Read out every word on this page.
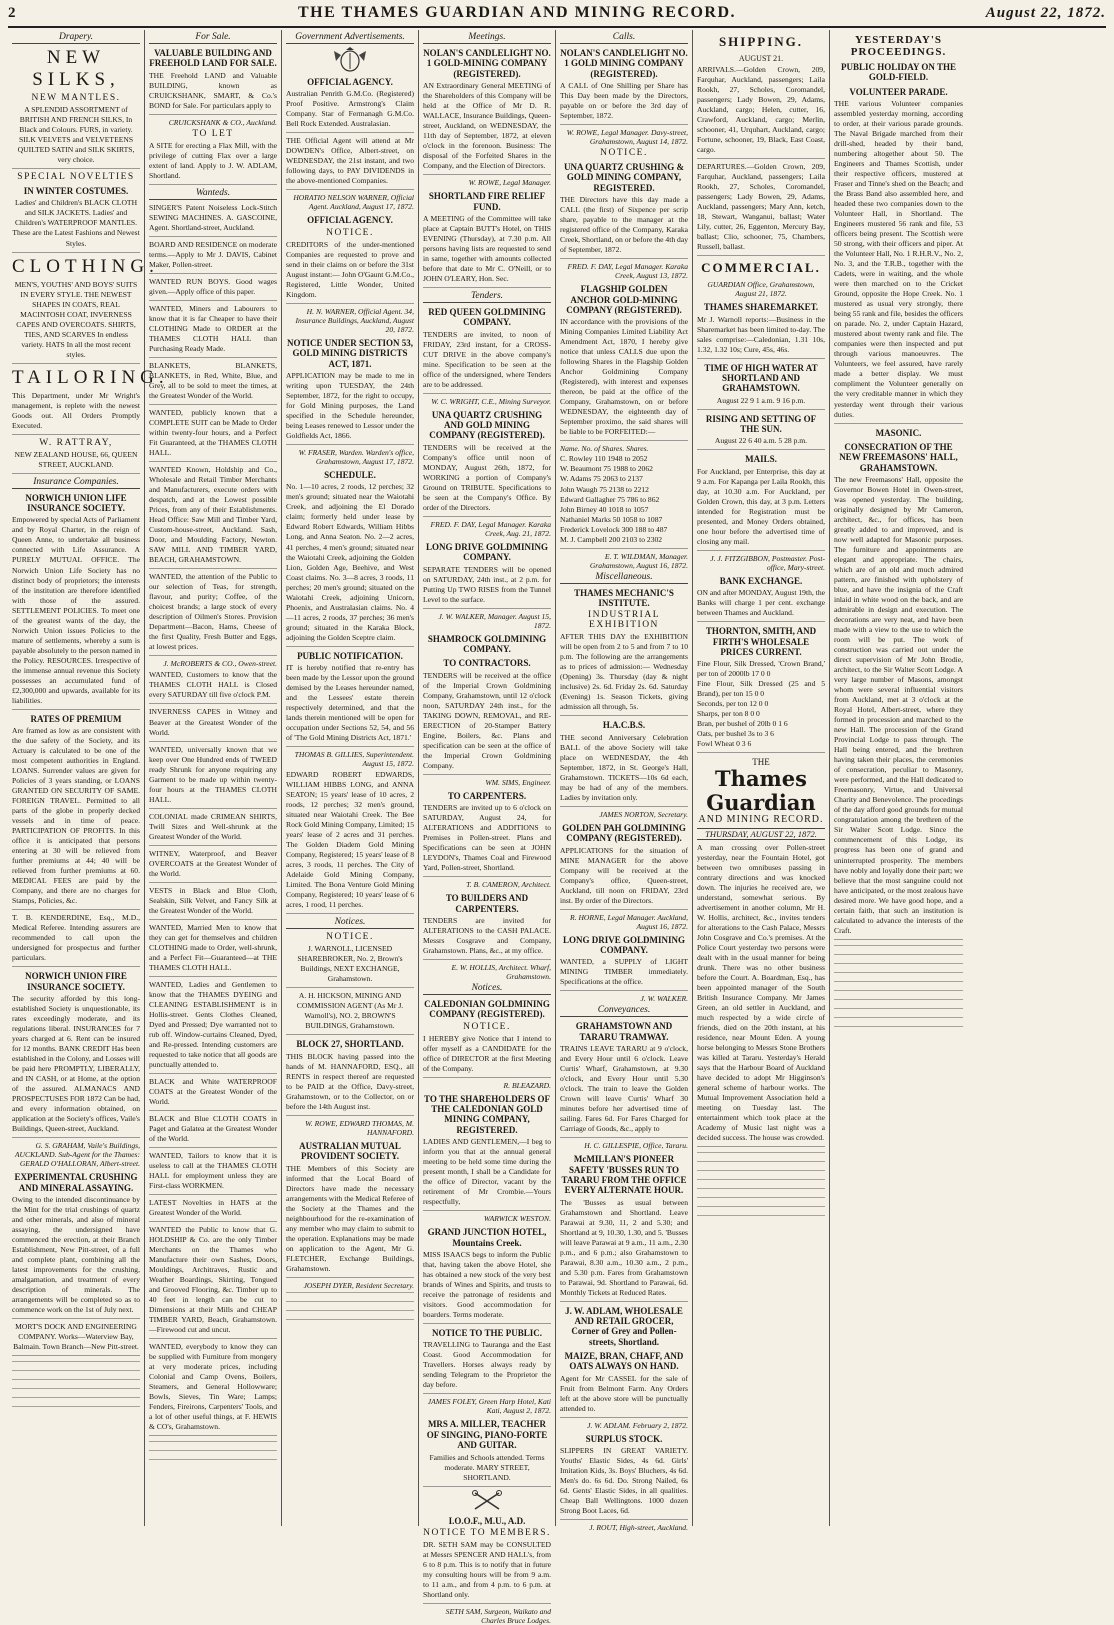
2	THE THAMES GUARDIAN AND MINING RECORD.	August 22, 1872.
Drapery.
NEW SILKS,
NEW MANTLES.
A SPLENDID ASSORTMENT of BRITISH AND FRENCH SILKS, In Black and Colours. FURS, in variety. SILK VELVETS and VELVETEENS QUILTED SATIN and SILK SKIRTS, very choice.
SPECIAL NOVELTIES
IN WINTER COSTUMES.
Ladies' and Children's BLACK CLOTH and SILK JACKETS. Ladies' and Children's WATERPROOF MANTLES. These are the Latest Fashions and Newest Styles.
CLOTHING.
MEN'S, YOUTHS' AND BOYS' SUITS IN EVERY STYLE. THE NEWEST SHAPES IN COATS, REAL MACINTOSH COAT, INVERNESS CAPES AND OVERCOATS. SHIRTS, TIES, AND SCARVES In endless variety. HATS In all the most recent styles.
TAILORING.
This Department, under Mr Wright's management, is replete with the newest Goods out. All Orders Promptly Executed.
W. RATTRAY,
NEW ZEALAND HOUSE, 66, QUEEN STREET, AUCKLAND.
Insurance Companies.
NORWICH UNION LIFE INSURANCE SOCIETY.
Empowered by special Acts of Parliament and by Royal Charter, in the reign of Queen Anne, to undertake all business connected with Life Assurance. A PURELY MUTUAL OFFICE. The Norwich Union Life Society has no distinct body of proprietors; the interests of the institution are therefore identified with those of the assured. SETTLEMENT POLICIES. To meet one of the greatest wants of the day, the Norwich Union issues Policies to the mature of settlements, whereby a sum is payable absolutely to the person named in the Policy. RESOURCES. Irrespective of the immense annual revenue this Society possesses an accumulated fund of £2,300,000 and upwards, available for its liabilities.
RATES OF PREMIUM
Are framed as low as are consistent with the due safety of the Society, and its Actuary is calculated to be one of the most competent authorities in England. LOANS. Surrender values are given for Policies of 3 years standing, or LOANS GRANTED ON SECURITY OF SAME. FOREIGN TRAVEL. Permitted to all parts of the globe in properly decked vessels and in time of peace. PARTICIPATION OF PROFITS. In this office it is anticipated that persons entering at 30 will be relieved from further premiums at 44; 40 will be relieved from further premiums at 60. MEDICAL FEES are paid by the Company, and there are no charges for Stamps, Policies, &c.
T. B. KENDERDINE, Esq., M.D., Medical Referee. Intending assurers are recommended to call upon the undersigned for prospectus and further particulars.
NORWICH UNION FIRE INSURANCE SOCIETY.
The security afforded by this long-established Society is unquestionable, its rates exceedingly moderate, and its regulations liberal. INSURANCES for 7 years charged at 6. Rent can be insured for 12 months. BANK CREDIT Has been established in the Colony, and Losses will be paid here PROMPTLY, LIBERALLY, and IN CASH, or at Home, at the option of the assured. ALMANACS AND PROSPECTUSES FOR 1872 Can be had, and every information obtained, on application at the Society's offices, Vaile's Buildings, Queen-street, Auckland.
G. S. GRAHAM, Vaile's Buildings, AUCKLAND. Sub-Agent for the Thames: GERALD O'HALLORAN, Albert-street.
EXPERIMENTAL CRUSHING AND MINERAL ASSAYING.
Owing to the intended discontinuance by the Mint for the trial crushings of quartz and other minerals, and also of mineral assaying, the undersigned have commenced the erection, at their Branch Establishment, New Pitt-street, of a full and complete plant, combining all the latest improvements for the crushing, amalgamation, and treatment of every description of minerals. The arrangements will be completed so as to commence work on the 1st of July next.
MORT'S DOCK AND ENGINEERING COMPANY. Works—Waterview Bay, Balmain. Town Branch—New Pitt-street.
For Sale.
VALUABLE BUILDING AND FREEHOLD LAND FOR SALE.
THE Freehold LAND and Valuable BUILDING, known as CRUICKSHANK, SMART, & Co.'s BOND for Sale. For particulars apply to
CRUICKSHANK & CO., Auckland.
TO LET
A SITE for erecting a Flax Mill, with the privilege of cutting Flax over a large extent of land. Apply to J. W. ADLAM, Shortland.
Wanteds.
SINGER'S Patent Noiseless Lock-Stitch SEWING MACHINES. A. GASCOINE, Agent. Shortland-street, Auckland.
BOARD AND RESIDENCE on moderate terms.—Apply to Mr J. DAVIS, Cabinet Maker, Pollen-street.
WANTED RUN BOYS. Good wages given.—Apply office of this paper.
WANTED, Miners and Labourers to know that it is far Cheaper to have their CLOTHING Made to ORDER at the THAMES CLOTH HALL than Purchasing Ready Made.
BLANKETS, BLANKETS, BLANKETS, in Red, White, Blue, and Grey, all to be sold to meet the times, at the Greatest Wonder of the World.
WANTED, publicly known that a COMPLETE SUIT can be Made to Order within twenty-four hours, and a Perfect Fit Guaranteed, at the THAMES CLOTH HALL.
WANTED Known, Holdship and Co., Wholesale and Retail Timber Merchants and Manufacturers, execute orders with despatch, and at the Lowest possible Prices, from any of their Establishments. Head Office: Saw Mill and Timber Yard, Custom-house-street, Auckland. Sash, Door, and Moulding Factory, Newton. SAW MILL AND TIMBER YARD, BEACH, GRAHAMSTOWN.
WANTED, the attention of the Public to our selection of Teas, for strength, flavour, and purity; Coffee, of the choicest brands; a large stock of every description of Oilmen's Stores. Provision Department—Bacon, Hams, Cheese of the first Quality, Fresh Butter and Eggs, at lowest prices.
J. McROBERTS & CO., Owen-street.
WANTED, Customers to know that the THAMES CLOTH HALL is Closed every SATURDAY till five o'clock P.M.
INVERNESS CAPES in Witney and Beaver at the Greatest Wonder of the World.
WANTED, universally known that we keep over One Hundred ends of TWEED ready Shrunk for anyone requiring any Garment to be made up within twenty-four hours at the THAMES CLOTH HALL.
COLONIAL made CRIMEAN SHIRTS, Twill Sizes and Well-shrunk at the Greatest Wonder of the World.
WITNEY, Waterproof, and Beaver OVERCOATS at the Greatest Wonder of the World.
VESTS in Black and Blue Cloth, Sealskin, Silk Velvet, and Fancy Silk at the Greatest Wonder of the World.
WANTED, Married Men to know that they can get for themselves and children CLOTHING made to Order, well-shrunk, and a Perfect Fit—Guaranteed—at THE THAMES CLOTH HALL.
WANTED, Ladies and Gentlemen to know that the THAMES DYEING and CLEANING ESTABLISHMENT is in Hollis-street. Gents Clothes Cleaned, Dyed and Pressed; Dye warranted not to rub off. Window-curtains Cleaned, Dyed, and Re-pressed. Intending customers are requested to take notice that all goods are punctually attended to.
BLACK and White WATERPROOF COATS at the Greatest Wonder of the World.
BLACK and Blue CLOTH COATS in Paget and Galatea at the Greatest Wonder of the World.
WANTED, Tailors to know that it is useless to call at the THAMES CLOTH HALL for employment unless they are First-class WORKMEN.
LATEST Novelties in HATS at the Greatest Wonder of the World.
WANTED the Public to know that G. HOLDSHIP & Co. are the only Timber Merchants on the Thames who Manufacture their own Sashes, Doors, Mouldings, Architraves, Rustic and Weather Boardings, Skirting, Tongued and Grooved Flooring, &c. Timber up to 40 feet in length can be cut to Dimensions at their Mills and CHEAP TIMBER YARD, Beach, Grahamstown.—Firewood cut and uncut.
WANTED, everybody to know they can be supplied with Furniture from mongery at very moderate prices, including Colonial and Camp Ovens, Boilers, Steamers, and General Hollowware; Bowls, Sieves, Tin Ware; Lamps; Fenders, Fireirons, Carpenters' Tools, and a lot of other useful things, at F. HEWIS & CO's, Grahamstown.
Government Advertisements.
OFFICIAL AGENCY.
Australian Penrith G.M.Co. (Registered) Proof Positive. Armstrong's Claim Company. Star of Fermanagh G.M.Co. Bell Rock Extended. Australasian.
THE Official Agent will attend at Mr DOWDEN's Office, Albert-street, on WEDNESDAY, the 21st instant, and two following days, to PAY DIVIDENDS in the above-mentioned Companies.
HORATIO NELSON WARNER, Official Agent. Auckland, August 17, 1872.
OFFICIAL AGENCY.
NOTICE.
CREDITORS of the under-mentioned Companies are requested to prove and send in their claims on or before the 31st August instant:— John O'Gaunt G.M.Co., Registered, Little Wonder, United Kingdom.
H. N. WARNER, Official Agent. 34, Insurance Buildings, Auckland, August 20, 1872.
NOTICE UNDER SECTION 53, GOLD MINING DISTRICTS ACT, 1871.
APPLICATION may be made to me in writing upon TUESDAY, the 24th September, 1872, for the right to occupy, for Gold Mining purposes, the Land specified in the Schedule hereunder, being Leases renewed to Lessor under the Goldfields Act, 1866.
W. FRASER, Warden. Warden's office, Grahamstown, August 17, 1872.
SCHEDULE.
No. 1—10 acres, 2 roods, 12 perches; 32 men's ground; situated near the Waiotahi Creek, and adjoining the El Dorado claim; formerly held under lease by Edward Robert Edwards, William Hibbs Long, and Anna Seaton. No. 2—2 acres, 41 perches, 4 men's ground; situated near the Waiotahi Creek, adjoining the Golden Lion, Golden Age, Beehive, and West Coast claims. No. 3—8 acres, 3 roods, 11 perches; 20 men's ground; situated on the Waiotahi Creek, adjoining Unicorn, Phoenix, and Australasian claims. No. 4—11 acres, 2 roods, 37 perches; 36 men's ground; situated in the Karaka Block, adjoining the Golden Sceptre claim.
PUBLIC NOTIFICATION.
IT is hereby notified that re-entry has been made by the Lessor upon the ground demised by the Leases hereunder named, and the Lessees' estate therein respectively determined, and that the lands therein mentioned will be open for occupation under Sections 52, 54, and 56 of 'The Gold Mining Districts Act, 1871.'
THOMAS B. GILLIES, Superintendent. August 15, 1872.
EDWARD ROBERT EDWARDS, WILLIAM HIBBS LONG, and ANNA SEATON; 15 years' lease of 10 acres, 2 roods, 12 perches; 32 men's ground, situated near Waiotahi Creek. The Bee Rock Gold Mining Company, Limited; 15 years' lease of 2 acres and 31 perches. The Golden Diadem Gold Mining Company, Registered; 15 years' lease of 8 acres, 3 roods, 11 perches. The City of Adelaide Gold Mining Company, Limited. The Bona Venture Gold Mining Company, Registered; 10 years' lease of 6 acres, 1 rood, 11 perches.
Notices.
NOTICE.
J. WARNOLL, LICENSED SHAREBROKER, No. 2, Brown's Buildings, NEXT EXCHANGE, Grahamstown.
A. H. HICKSON, MINING AND COMMISSION AGENT (As Mr J. Warnoll's), NO. 2, BROWN'S BUILDINGS, Grahamstown.
BLOCK 27, SHORTLAND.
THIS BLOCK having passed into the hands of M. HANNAFORD, ESQ., all RENTS in respect thereof are requested to be PAID at the Office, Davy-street, Grahamstown, or to the Collector, on or before the 14th August inst.
W. ROWE, EDWARD THOMAS, M. HANNAFORD.
AUSTRALIAN MUTUAL PROVIDENT SOCIETY.
THE Members of this Society are informed that the Local Board of Directors have made the necessary arrangements with the Medical Referee of the Society at the Thames and the neighbourhood for the re-examination of any member who may claim to submit to the operation. Explanations may be made on application to the Agent, Mr G. FLETCHER, Exchange Buildings, Grahamstown.
JOSEPH DYER, Resident Secretary.
Meetings.
NOLAN'S CANDLELIGHT NO. 1 GOLD-MINING COMPANY (REGISTERED).
AN Extraordinary General MEETING of the Shareholders of this Company will be held at the Office of Mr D. R. WALLACE, Insurance Buildings, Queen-street, Auckland, on WEDNESDAY, the 11th day of September, 1872, at eleven o'clock in the forenoon. Business: The disposal of the Forfeited Shares in the Company, and the Election of Directors.
W. ROWE, Legal Manager.
SHORTLAND FIRE RELIEF FUND.
A MEETING of the Committee will take place at Captain BUTT's Hotel, on THIS EVENING (Thursday), at 7.30 p.m. All persons having lists are requested to send in same, together with amounts collected before that date to Mr C. O'Neill, or to JOHN O'LEARY, Hon. Sec.
Tenders.
RED QUEEN GOLDMINING COMPANY.
TENDERS are invited, to noon of FRIDAY, 23rd instant, for a CROSS-CUT DRIVE in the above company's mine. Specification to be seen at the office of the undersigned, where Tenders are to be addressed.
W. C. WRIGHT, C.E., Mining Surveyor.
UNA QUARTZ CRUSHING AND GOLD MINING COMPANY (REGISTERED).
TENDERS will be received at the Company's office until noon of MONDAY, August 26th, 1872, for WORKING a portion of Company's Ground on TRIBUTE. Specifications to be seen at the Company's Office. By order of the Directors.
FRED. F. DAY, Legal Manager. Karaka Creek, Aug. 21, 1872.
LONG DRIVE GOLDMINING COMPANY.
SEPARATE TENDERS will be opened on SATURDAY, 24th inst., at 2 p.m. for Putting Up TWO RISES from the Tunnel Level to the surface.
J. W. WALKER, Manager. August 15, 1872.
SHAMROCK GOLDMINING COMPANY.
TO CONTRACTORS.
TENDERS will be received at the office of the Imperial Crown Goldmining Company, Grahamstown, until 12 o'clock noon, SATURDAY 24th inst., for the TAKING DOWN, REMOVAL, and RE-ERECTION of 20-Stamper Battery Engine, Boilers, &c. Plans and specification can be seen at the office of the Imperial Crown Goldmining Company.
WM. SIMS, Engineer.
TO CARPENTERS.
TENDERS are invited up to 6 o'clock on SATURDAY, August 24, for ALTERATIONS and ADDITIONS to Premises in Pollen-street. Plans and Specifications can be seen at JOHN LEYDON's, Thames Coal and Firewood Yard, Pollen-street, Shortland.
T. B. CAMERON, Architect.
TO BUILDERS AND CARPENTERS.
TENDERS are invited for ALTERATIONS to the CASH PALACE. Messrs Cosgrave and Company, Grahamstown. Plans, &c., at my office.
E. W. HOLLIS, Architect. Wharf, Grahamstown.
Notices.
CALEDONIAN GOLDMINING COMPANY (REGISTERED).
NOTICE.
I HEREBY give Notice that I intend to offer myself as a CANDIDATE for the office of DIRECTOR at the first Meeting of the Company.
R. BLEAZARD.
TO THE SHAREHOLDERS OF THE CALEDONIAN GOLD MINING COMPANY, REGISTERED.
LADIES AND GENTLEMEN,—I beg to inform you that at the annual general meeting to be held some time during the present month, I shall be a Candidate for the office of Director, vacant by the retirement of Mr Crombie.—Yours respectfully,
WARWICK WESTON.
GRAND JUNCTION HOTEL, Mountains Creek.
MISS ISAACS begs to inform the Public that, having taken the above Hotel, she has obtained a new stock of the very best brands of Wines and Spirits, and trusts to receive the patronage of residents and visitors. Good accommodation for boarders. Terms moderate.
NOTICE TO THE PUBLIC.
TRAVELLING to Tauranga and the East Coast. Good Accommodation for Travellers. Horses always ready by sending Telegram to the Proprietor the day before.
JAMES FOLEY, Green Harp Hotel, Kati Kati, August 2, 1872.
MRS A. MILLER, TEACHER OF SINGING, PIANO-FORTE AND GUITAR.
Families and Schools attended. Terms moderate. MARY STREET, SHORTLAND.
I.O.O.F., M.U., A.D.
NOTICE TO MEMBERS.
DR. SETH SAM may be CONSULTED at Messrs SPENCER AND HALL's, from 6 to 8 p.m. This is to notify that in future my consulting hours will be from 9 a.m. to 11 a.m., and from 4 p.m. to 6 p.m. at Shortland only.
SETH SAM, Surgeon, Waikato and Charles Bruce Lodges.
Calls.
NOLAN'S CANDLELIGHT NO. 1 GOLD MINING COMPANY (REGISTERED).
A CALL of One Shilling per Share has This Day been made by the Directors, payable on or before the 3rd day of September, 1872.
W. ROWE, Legal Manager. Davy-street, Grahamstown, August 14, 1872.
NOTICE.
UNA QUARTZ CRUSHING & GOLD MINING COMPANY, REGISTERED.
THE Directors have this day made a CALL (the first) of Sixpence per scrip share, payable to the manager at the registered office of the Company, Karaka Creek, Shortland, on or before the 4th day of September, 1872.
FRED. F. DAY, Legal Manager. Karaka Creek, August 13, 1872.
FLAGSHIP GOLDEN ANCHOR GOLD-MINING COMPANY (REGISTERED).
IN accordance with the provisions of the Mining Companies Limited Liability Act Amendment Act, 1870, I hereby give notice that unless CALLS due upon the following Shares in the Flagship Golden Anchor Goldmining Company (Registered), with interest and expenses thereon, be paid at the office of the Company, Grahamstown, on or before WEDNESDAY, the eighteenth day of September proximo, the said shares will be liable to be FORFEITED:—
Name. No. of Shares. Shares.
C. Rowley 110 1948 to 2052
W. Beaumont 75 1988 to 2062
W. Adams 75 2063 to 2137
John Waugh 75 2138 to 2212
Edward Gallagher 75 786 to 862
John Birney 40 1018 to 1057
Nathaniel Marks 50 1058 to 1087
Frederick Lovelock 300 188 to 487
M. J. Campbell 200 2103 to 2302
E. T. WILDMAN, Manager. Grahamstown, August 16, 1872.
Miscellaneous.
THAMES MECHANIC'S INSTITUTE.
INDUSTRIAL EXHIBITION
AFTER THIS DAY the EXHIBITION will be open from 2 to 5 and from 7 to 10 p.m. The following are the arrangements as to prices of admission:— Wednesday (Opening) 3s. Thursday (day & night inclusive) 2s. 6d. Friday 2s. 6d. Saturday (Evening) 1s. Season Tickets, giving admission all through, 5s.
H.A.C.B.S.
THE second Anniversary Celebration BALL of the above Society will take place on WEDNESDAY, the 4th September, 1872, in St. George's Hall, Grahamstown. TICKETS—10s 6d each, may be had of any of the members. Ladies by invitation only.
JAMES NORTON, Secretary.
GOLDEN PAH GOLDMINING COMPANY (REGISTERED).
APPLICATIONS for the situation of MINE MANAGER for the above Company will be received at the Company's office, Queen-street, Auckland, till noon on FRIDAY, 23rd inst. By order of the Directors.
R. HORNE, Legal Manager. Auckland, August 16, 1872.
LONG DRIVE GOLDMINING COMPANY.
WANTED, a SUPPLY of LIGHT MINING TIMBER immediately. Specifications at the office.
J. W. WALKER.
Conveyances.
GRAHAMSTOWN AND TARARU TRAMWAY.
TRAINS LEAVE TARARU at 9 o'clock, and Every Hour until 6 o'clock. Leave Curtis' Wharf, Grahamstown, at 9.30 o'clock, and Every Hour until 5.30 o'clock. The train to leave the Golden Crown will leave Curtis' Wharf 30 minutes before her advertised time of sailing. Fares 6d. For Fares Charged for Carriage of Goods, &c., apply to
H. C. GILLESPIE, Office, Tararu.
McMILLAN'S PIONEER SAFETY 'BUSSES RUN TO TARARU FROM THE OFFICE EVERY ALTERNATE HOUR.
The 'Busses as usual between Grahamstown and Shortland. Leave Parawai at 9.30, 11, 2 and 5.30; and Shortland at 9, 10.30, 1.30, and 5. 'Busses will leave Parawai at 9 a.m., 11 a.m., 2.30 p.m., and 6 p.m.; also Grahamstown to Parawai, 8.30 a.m., 10.30 a.m., 2 p.m., and 5.30 p.m. Fares from Grahamstown to Parawai, 9d. Shortland to Parawai, 6d. Monthly Tickets at Reduced Rates.
J. W. ADLAM, WHOLESALE AND RETAIL GROCER, Corner of Grey and Pollen-streets, Shortland.
MAIZE, BRAN, CHAFF, AND OATS ALWAYS ON HAND.
Agent for Mr CASSEL for the sale of Fruit from Belmont Farm. Any Orders left at the above store will be punctually attended to.
J. W. ADLAM. February 2, 1872.
SURPLUS STOCK.
SLIPPERS IN GREAT VARIETY. Youths' Elastic Sides, 4s 6d. Girls' Imitation Kids, 3s. Boys' Bluchers, 4s 6d. Men's do. 6s 6d. Do. Strong Nailed, 6s 6d. Gents' Elastic Sides, in all qualities. Cheap Ball Wellingtons. 1000 dozen Strong Boot Laces, 6d.
J. ROUT, High-street, Auckland.
SHIPPING.
AUGUST 21.
ARRIVALS.—Golden Crown, 209, Farquhar, Auckland, passengers; Laila Rookh, 27, Scholes, Coromandel, passengers; Lady Bowen, 29, Adams, Auckland, cargo; Helen, cutter, 16, Crawford, Auckland, cargo; Merlin, schooner, 41, Urquhart, Auckland, cargo; Fortune, schooner, 19, Black, East Coast, cargo.
DEPARTURES.—Golden Crown, 209, Farquhar, Auckland, passengers; Laila Rookh, 27, Scholes, Coromandel, passengers; Lady Bowen, 29, Adams, Auckland, passengers; Mary Ann, ketch, 18, Stewart, Wanganui, ballast; Water Lily, cutter, 26, Eggenton, Mercury Bay, ballast; Clio, schooner, 75, Chambers, Russell, ballast.
COMMERCIAL.
GUARDIAN Office, Grahamstown, August 21, 1872.
THAMES SHAREMARKET.
Mr J. Warnoll reports:—Business in the Sharemarket has been limited to-day. The sales comprise:—Caledonian, 1.31 10s, 1.32, 1.32 10s; Cure, 45s, 46s.
TIME OF HIGH WATER AT SHORTLAND AND GRAHAMSTOWN.
August 22 9 1 a.m. 9 16 p.m.
RISING AND SETTING OF THE SUN.
August 22 6 40 a.m. 5 28 p.m.
MAILS.
For Auckland, per Enterprise, this day at 9 a.m. For Kapanga per Laila Rookh, this day, at 10.30 a.m. For Auckland, per Golden Crown, this day, at 3 p.m. Letters intended for Registration must be presented, and Money Orders obtained, one hour before the advertised time of closing any mail.
J. J. FITZGIBBON, Postmaster. Post-office, Mary-street.
BANK EXCHANGE.
ON and after MONDAY, August 19th, the Banks will charge 1 per cent. exchange between Thames and Auckland.
THORNTON, SMITH, AND FIRTH'S WHOLESALE PRICES CURRENT.
Fine Flour, Silk Dressed, 'Crown Brand,' per ton of 2000lb 17 0 0
Fine Flour, Silk Dressed (25 and 5 Brand), per ton 15 0 0
Seconds, per ton 12 0 0
Sharps, per ton 8 0 0
Bran, per bushel of 20lb 0 1 6
Oats, per bushel 3s to 3 6
Fowl Wheat 0 3 6
THE
Thames Guardian
AND MINING RECORD.
THURSDAY, AUGUST 22, 1872.
A man crossing over Pollen-street yesterday, near the Fountain Hotel, got between two omnibuses passing in contrary directions and was knocked down. The injuries he received are, we understand, somewhat serious. By advertisement in another column, Mr H. W. Hollis, architect, &c., invites tenders for alterations to the Cash Palace, Messrs John Cosgrave and Co.'s premises. At the Police Court yesterday two persons were dealt with in the usual manner for being drunk. There was no other business before the Court. A. Boardman, Esq., has been appointed manager of the South British Insurance Company. Mr James Green, an old settler in Auckland, and much respected by a wide circle of friends, died on the 20th instant, at his residence, near Mount Eden. A young horse belonging to Messrs Stone Brothers was killed at Tararu. Yesterday's Herald says that the Harbour Board of Auckland have decided to adopt Mr Higginson's general scheme of harbour works. The Mutual Improvement Association held a meeting on Tuesday last. The entertainment which took place at the Academy of Music last night was a decided success. The house was crowded.
YESTERDAY'S PROCEEDINGS.
PUBLIC HOLIDAY ON THE GOLD-FIELD.
VOLUNTEER PARADE.
THE various Volunteer companies assembled yesterday morning, according to order, at their various parade grounds. The Naval Brigade marched from their drill-shed, headed by their band, numbering altogether about 50. The Engineers and Thames Scottish, under their respective officers, mustered at Fraser and Tinne's shed on the Beach; and the Brass Band also assembled here, and headed these two companies down to the Volunteer Hall, in Shortland. The Engineers mustered 56 rank and file, 53 officers being present. The Scottish were 50 strong, with their officers and piper. At the Volunteer Hall, No. 1 R.H.R.V., No. 2, No. 3, and the T.R.B., together with the Cadets, were in waiting, and the whole were then marched on to the Cricket Ground, opposite the Hope Creek. No. 1 mustered as usual very strongly, there being 55 rank and file, besides the officers on parade. No. 2, under Captain Hazard, mustered about twenty rank and file. The companies were then inspected and put through various manoeuvres. The Volunteers, we feel assured, have rarely made a better display. We must compliment the Volunteer generally on the very creditable manner in which they yesterday went through their various duties.
MASONIC.
CONSECRATION OF THE NEW FREEMASONS' HALL, GRAHAMSTOWN.
The new Freemasons' Hall, opposite the Governor Bowen Hotel in Owen-street, was opened yesterday. The building, originally designed by Mr Cameron, architect, &c., for offices, has been greatly added to and improved, and is now well adapted for Masonic purposes. The furniture and appointments are elegant and appropriate. The chairs, which are of an old and much admired pattern, are finished with upholstery of blue, and have the insignia of the Craft inlaid in white wood on the back, and are admirable in design and execution. The decorations are very neat, and have been made with a view to the use to which the room will be put. The work of construction was carried out under the direct supervision of Mr John Brodie, architect, to the Sir Walter Scott Lodge. A very large number of Masons, amongst whom were several influential visitors from Auckland, met at 3 o'clock at the Royal Hotel, Albert-street, where they formed in procession and marched to the new Hall. The procession of the Grand Provincial Lodge to pass through. The Hall being entered, and the brethren having taken their places, the ceremonies of consecration, peculiar to Masonry, were performed, and the Hall dedicated to Freemasonry, Virtue, and Universal Charity and Benevolence. The procedings of the day afford good grounds for mutual congratulation among the brethren of the Sir Walter Scott Lodge. Since the commencement of this Lodge, its progress has been one of grand and uninterrupted prosperity. The members have nobly and loyally done their part; we believe that the most sanguine could not have anticipated, or the most zealous have desired more. We have good hope, and a certain faith, that such an institution is calculated to advance the interests of the Craft.
